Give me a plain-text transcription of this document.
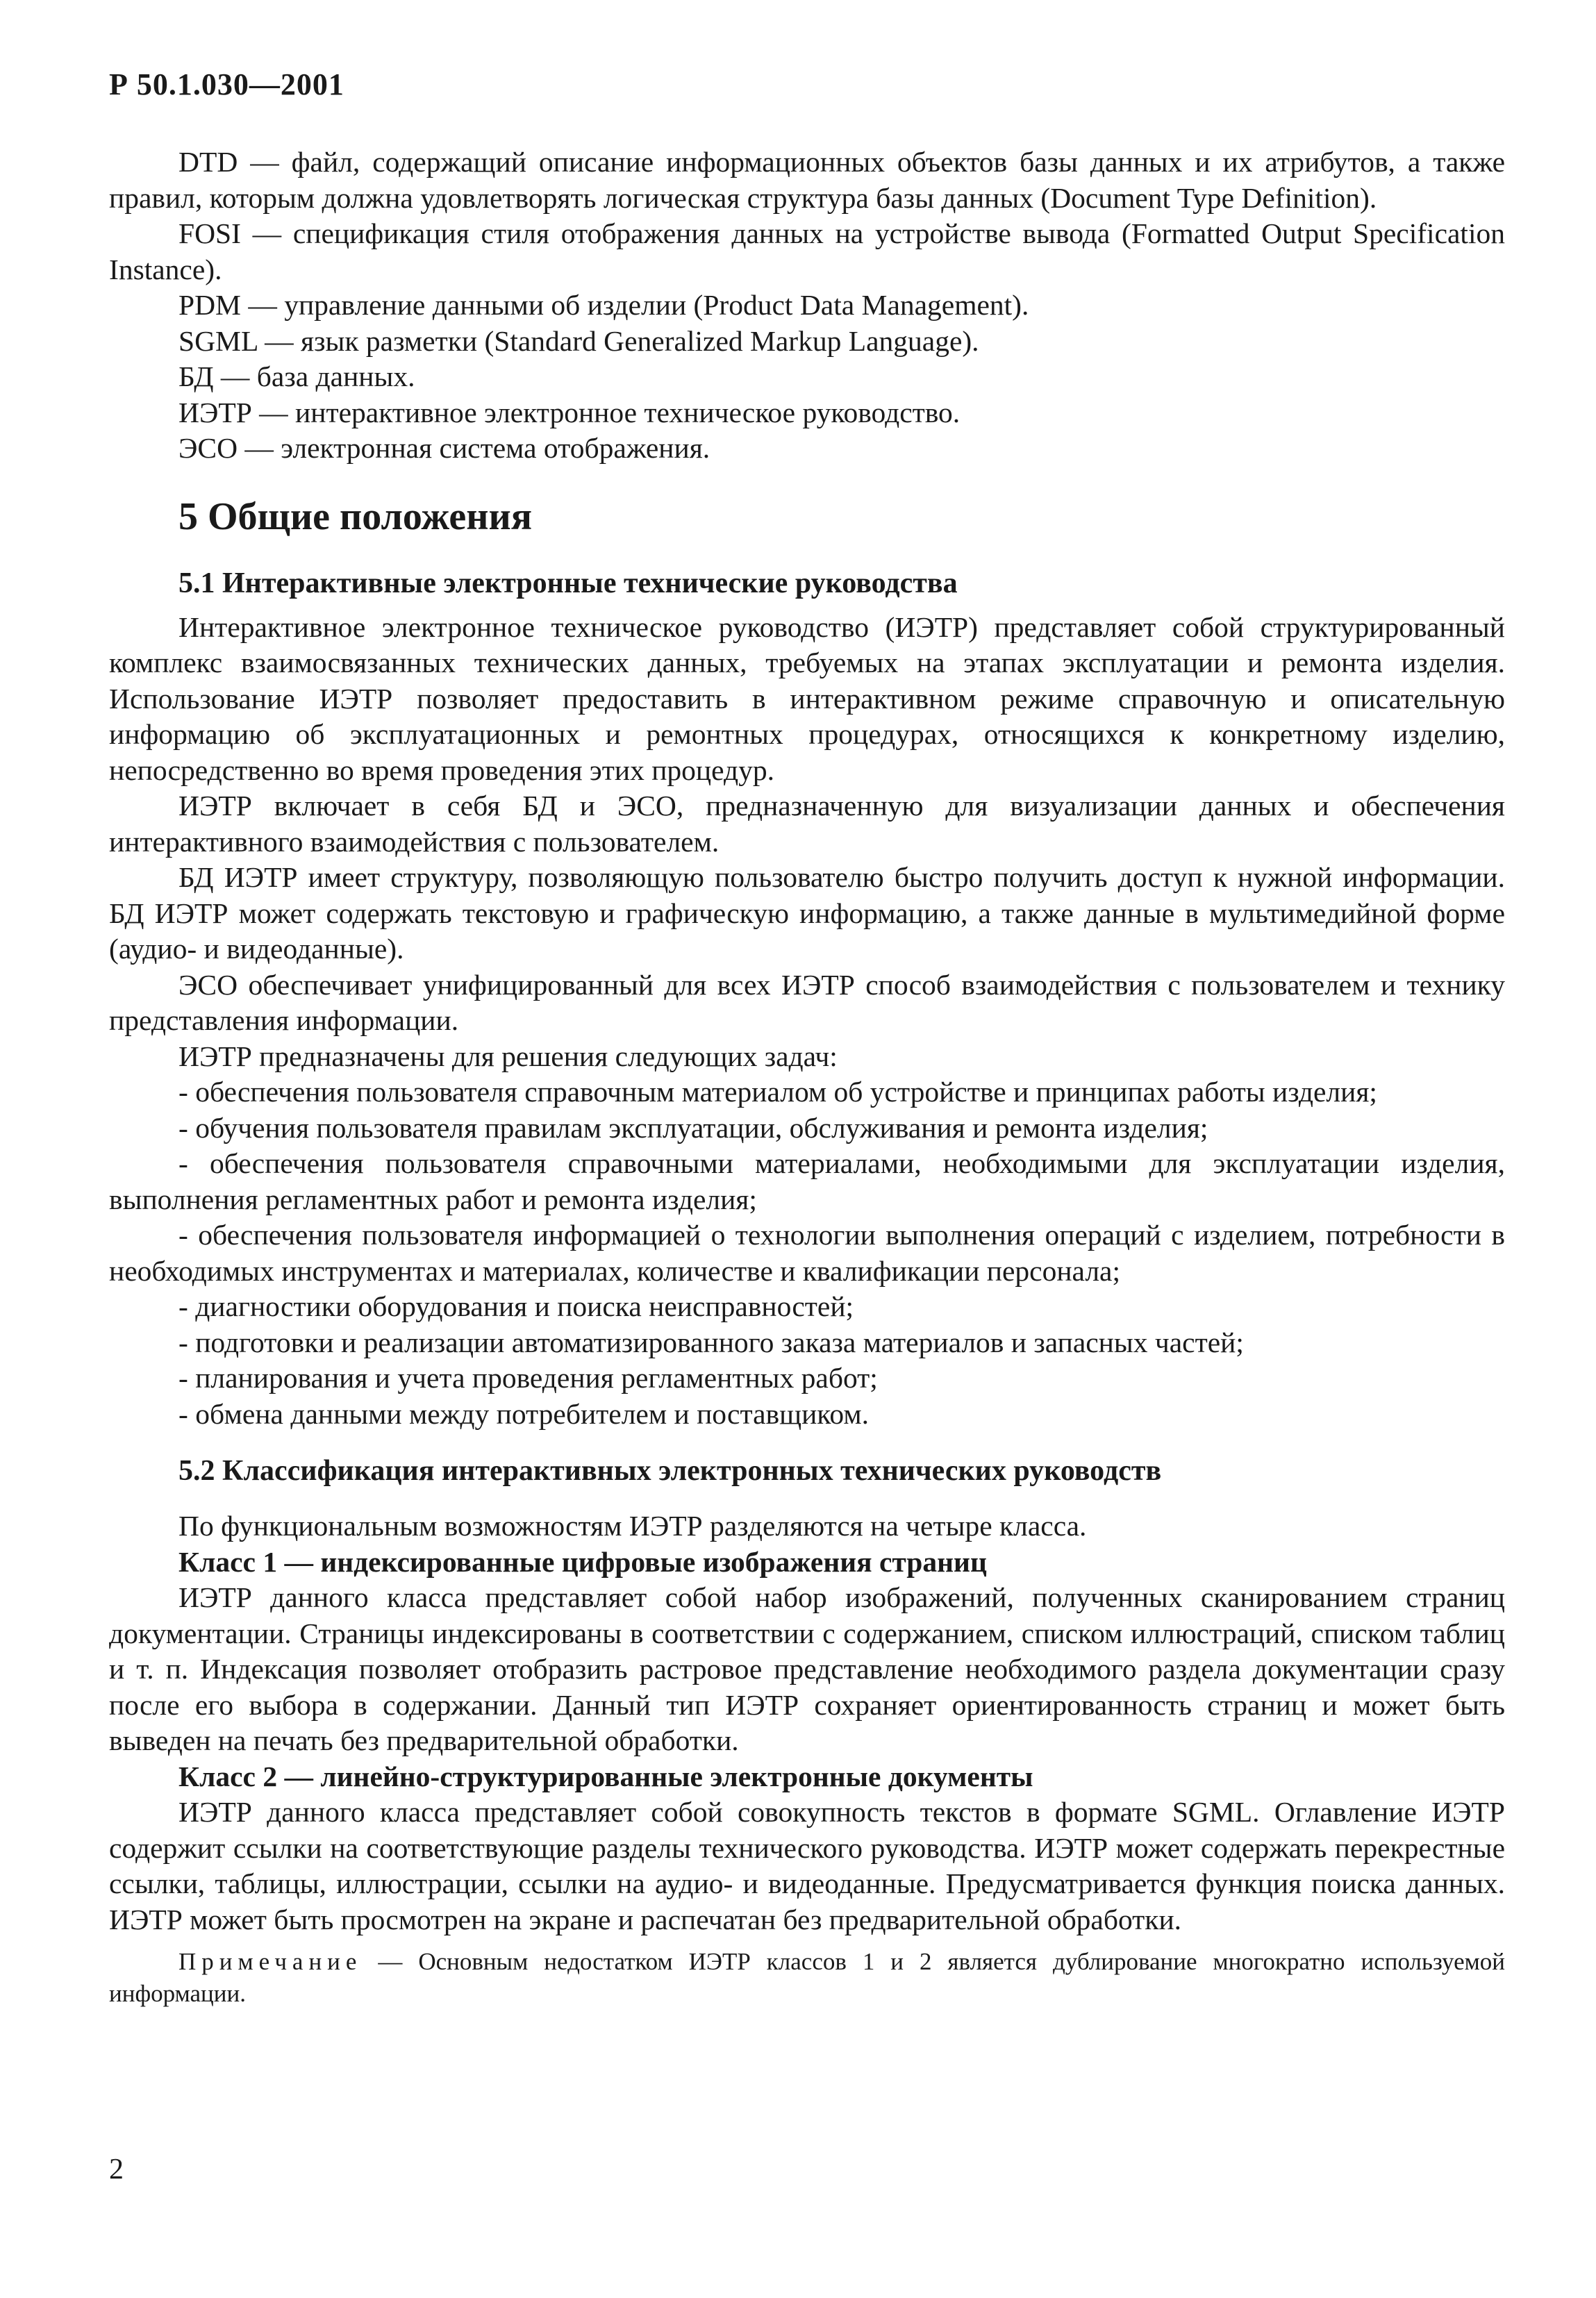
Р 50.1.030—2001

DTD — файл, содержащий описание информационных объектов базы данных и их атрибутов, а также правил, которым должна удовлетворять логическая структура базы данных (Document Type Definition).

FOSI — спецификация стиля отображения данных на устройстве вывода (Formatted Output Specification Instance).

PDM — управление данными об изделии (Product Data Management).

SGML — язык разметки (Standard Generalized Markup Language).

БД — база данных.

ИЭТР — интерактивное электронное техническое руководство.

ЭСО — электронная система отображения.

5 Общие положения
5.1 Интерактивные электронные технические руководства

Интерактивное электронное техническое руководство (ИЭТР) представляет собой структурированный комплекс взаимосвязанных технических данных, требуемых на этапах эксплуатации и ремонта изделия. Использование ИЭТР позволяет предоставить в интерактивном режиме справочную и описательную информацию об эксплуатационных и ремонтных процедурах, относящихся к конкретному изделию, непосредственно во время проведения этих процедур.

ИЭТР включает в себя БД и ЭСО, предназначенную для визуализации данных и обеспечения интерактивного взаимодействия с пользователем.

БД ИЭТР имеет структуру, позволяющую пользователю быстро получить доступ к нужной информации. БД ИЭТР может содержать текстовую и графическую информацию, а также данные в мультимедийной форме (аудио- и видеоданные).

ЭСО обеспечивает унифицированный для всех ИЭТР способ взаимодействия с пользователем и технику представления информации.

ИЭТР предназначены для решения следующих задач:

- обеспечения пользователя справочным материалом об устройстве и принципах работы изделия;

- обучения пользователя правилам эксплуатации, обслуживания и ремонта изделия;

- обеспечения пользователя справочными материалами, необходимыми для эксплуатации изделия, выполнения регламентных работ и ремонта изделия;

- обеспечения пользователя информацией о технологии выполнения операций с изделием, потребности в необходимых инструментах и материалах, количестве и квалификации персонала;

- диагностики оборудования и поиска неисправностей;

- подготовки и реализации автоматизированного заказа материалов и запасных частей;

- планирования и учета проведения регламентных работ;

- обмена данными между потребителем и поставщиком.

5.2 Классификация интерактивных электронных технических руководств

По функциональным возможностям ИЭТР разделяются на четыре класса.

Класс 1 — индексированные цифровые изображения страниц

ИЭТР данного класса представляет собой набор изображений, полученных сканированием страниц документации. Страницы индексированы в соответствии с содержанием, списком иллюстраций, списком таблиц и т. п. Индексация позволяет отобразить растровое представление необходимого раздела документации сразу после его выбора в содержании. Данный тип ИЭТР сохраняет ориентированность страниц и может быть выведен на печать без предварительной обработки.

Класс 2 — линейно-структурированные электронные документы

ИЭТР данного класса представляет собой совокупность текстов в формате SGML. Оглавление ИЭТР содержит ссылки на соответствующие разделы технического руководства. ИЭТР может содержать перекрестные ссылки, таблицы, иллюстрации, ссылки на аудио- и видеоданные. Предусматривается функция поиска данных. ИЭТР может быть просмотрен на экране и распечатан без предварительной обработки.

Примечание — Основным недостатком ИЭТР классов 1 и 2 является дублирование многократно используемой информации.

2
